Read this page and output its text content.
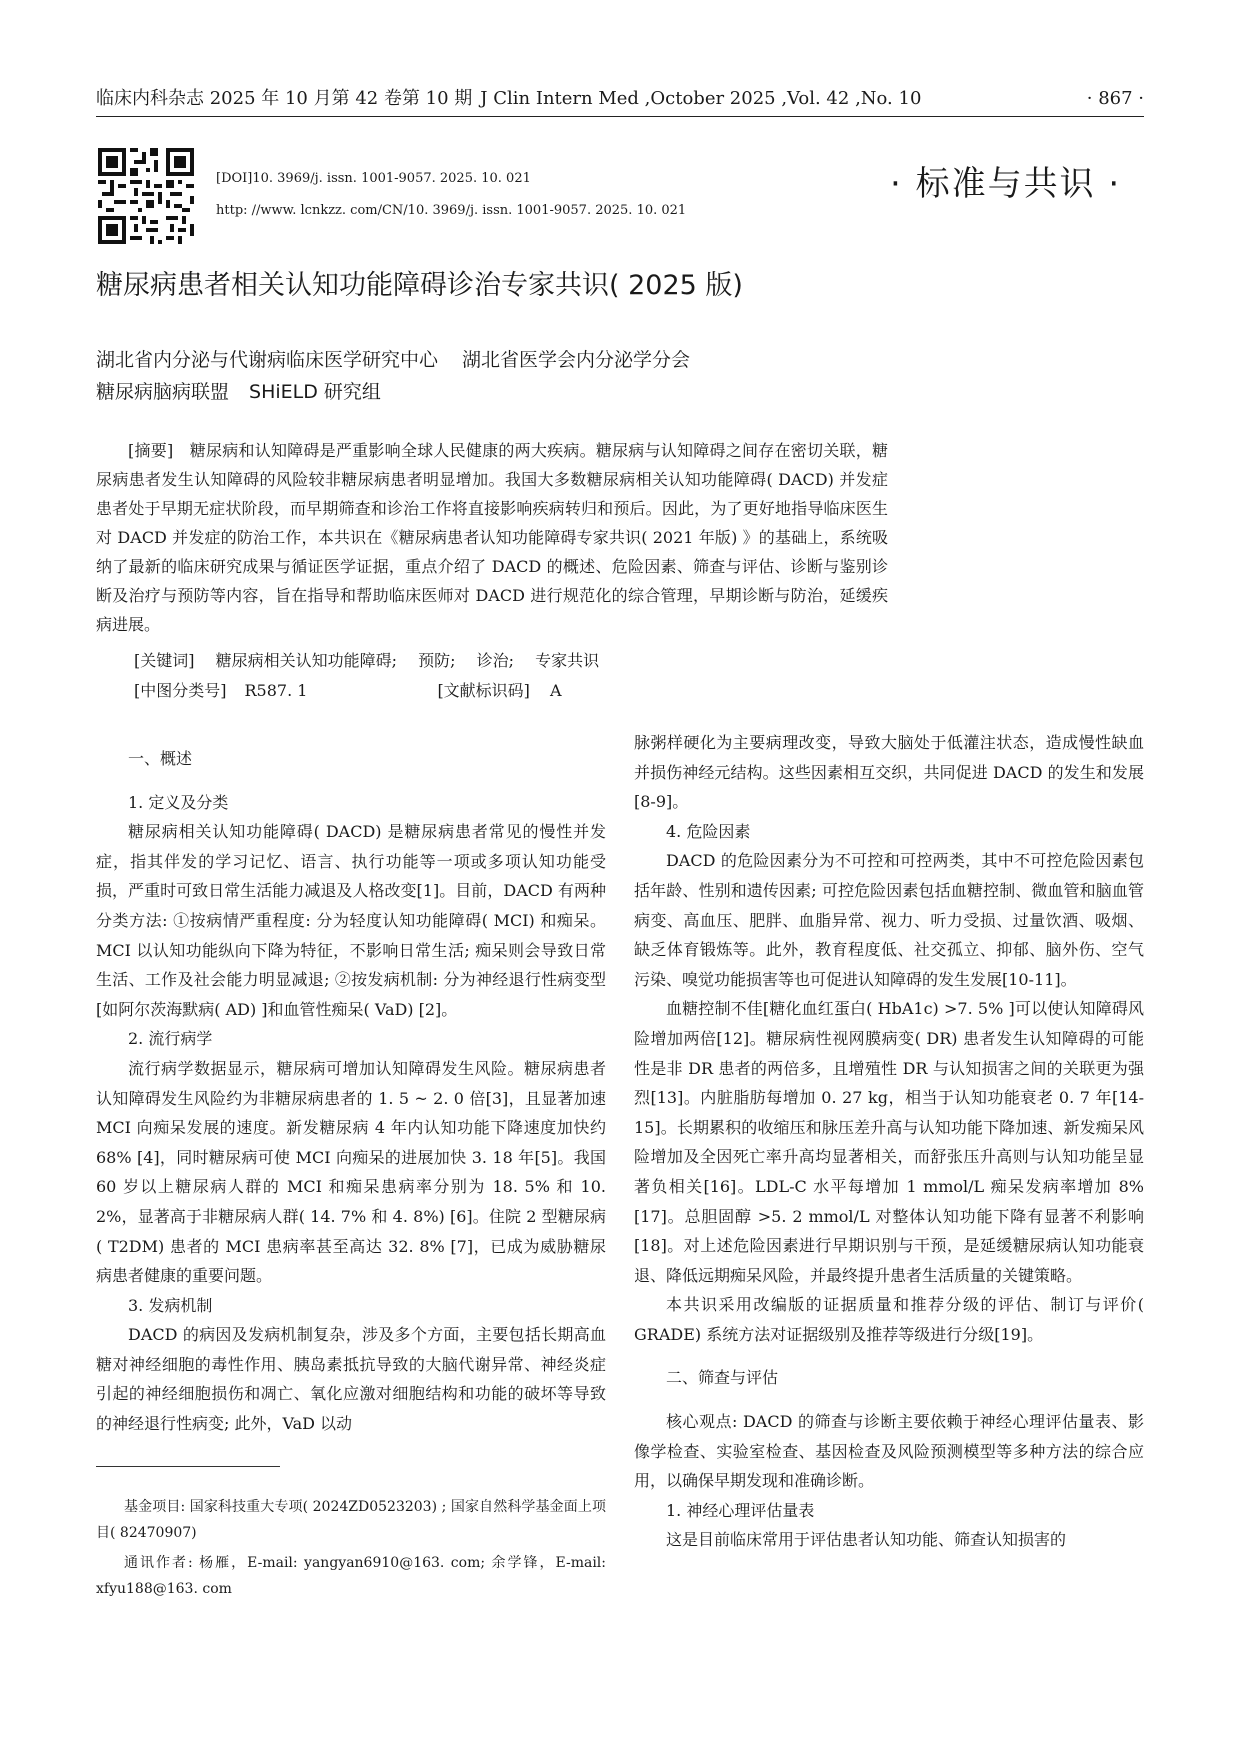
临床内科杂志 2025 年 10 月第 42 卷第 10 期 J Clin Intern Med ,October 2025 ,Vol. 42 ,No. 10	· 867 ·
[DOI]10. 3969/j. issn. 1001-9057. 2025. 10. 021
http: //www. lcnkzz. com/CN/10. 3969/j. issn. 1001-9057. 2025. 10. 021
· 标准与共识 ·
糖尿病患者相关认知功能障碍诊治专家共识( 2025 版)
湖北省内分泌与代谢病临床医学研究中心 湖北省医学会内分泌学分会
糖尿病脑病联盟 SHiELD 研究组

[摘要]　 糖尿病和认知障碍是严重影响全球人民健康的两大疾病。糖尿病与认知障碍之间存在密切关联，糖尿病患者发生认知障碍的风险较非糖尿病患者明显增加。我国大多数糖尿病相关认知功能障碍( DACD) 并发症患者处于早期无症状阶段，而早期筛查和诊治工作将直接影响疾病转归和预后。因此，为了更好地指导临床医生对 DACD 并发症的防治工作，本共识在《糖尿病患者认知功能障碍专家共识( 2021 年版) 》的基础上，系统吸纳了最新的临床研究成果与循证医学证据，重点介绍了 DACD 的概述、危险因素、筛查与评估、诊断与鉴别诊断及治疗与预防等内容，旨在指导和帮助临床医师对 DACD 进行规范化的综合管理，早期诊断与防治，延缓疾病进展。

[关键词] 糖尿病相关认知功能障碍; 预防; 诊治; 专家共识
[中图分类号] R587. 1	[文献标识码] A
一、概述
1. 定义及分类

糖尿病相关认知功能障碍( DACD) 是糖尿病患者常见的慢性并发症，指其伴发的学习记忆、语言、执行功能等一项或多项认知功能受损，严重时可致日常生活能力减退及人格改变[1]。目前，DACD 有两种分类方法: ①按病情严重程度: 分为轻度认知功能障碍( MCI) 和痴呆。MCI 以认知功能纵向下降为特征，不影响日常生活; 痴呆则会导致日常生活、工作及社会能力明显减退; ②按发病机制: 分为神经退行性病变型[如阿尔茨海默病( AD) ]和血管性痴呆( VaD) [2]。

2. 流行病学

流行病学数据显示，糖尿病可增加认知障碍发生风险。糖尿病患者认知障碍发生风险约为非糖尿病患者的 1. 5 ~ 2. 0 倍[3]，且显著加速 MCI 向痴呆发展的速度。新发糖尿病 4 年内认知功能下降速度加快约 68% [4]，同时糖尿病可使 MCI 向痴呆的进展加快 3. 18 年[5]。我国 60 岁以上糖尿病人群的 MCI 和痴呆患病率分别为 18. 5% 和 10. 2%，显著高于非糖尿病人群( 14. 7% 和 4. 8%) [6]。住院 2 型糖尿病( T2DM) 患者的 MCI 患病率甚至高达 32. 8% [7]，已成为威胁糖尿病患者健康的重要问题。

3. 发病机制

DACD 的病因及发病机制复杂，涉及多个方面，主要包括长期高血糖对神经细胞的毒性作用、胰岛素抵抗导致的大脑代谢异常、神经炎症引起的神经细胞损伤和凋亡、氧化应激对细胞结构和功能的破坏等导致的神经退行性病变; 此外，VaD 以动

脉粥样硬化为主要病理改变，导致大脑处于低灌注状态，造成慢性缺血并损伤神经元结构。这些因素相互交织，共同促进 DACD 的发生和发展[8-9]。

4. 危险因素

DACD 的危险因素分为不可控和可控两类，其中不可控危险因素包括年龄、性别和遗传因素; 可控危险因素包括血糖控制、微血管和脑血管病变、高血压、肥胖、血脂异常、视力、听力受损、过量饮酒、吸烟、缺乏体育锻炼等。此外，教育程度低、社交孤立、抑郁、脑外伤、空气污染、嗅觉功能损害等也可促进认知障碍的发生发展[10-11]。

血糖控制不佳[糖化血红蛋白( HbA1c) >7. 5% ]可以使认知障碍风险增加两倍[12]。糖尿病性视网膜病变( DR) 患者发生认知障碍的可能性是非 DR 患者的两倍多，且增殖性 DR 与认知损害之间的关联更为强烈[13]。内脏脂肪每增加 0. 27 kg，相当于认知功能衰老 0. 7 年[14-15]。长期累积的收缩压和脉压差升高与认知功能下降加速、新发痴呆风险增加及全因死亡率升高均显著相关，而舒张压升高则与认知功能呈显著负相关[16]。LDL-C 水平每增加 1 mmol/L 痴呆发病率增加 8% [17]。总胆固醇 >5. 2 mmol/L 对整体认知功能下降有显著不利影响[18]。对上述危险因素进行早期识别与干预，是延缓糖尿病认知功能衰退、降低远期痴呆风险，并最终提升患者生活质量的关键策略。

本共识采用改编版的证据质量和推荐分级的评估、制订与评价( GRADE) 系统方法对证据级别及推荐等级进行分级[19]。

二、筛查与评估

核心观点: DACD 的筛查与诊断主要依赖于神经心理评估量表、影像学检查、实验室检查、基因检查及风险预测模型等多种方法的综合应用，以确保早期发现和准确诊断。

1. 神经心理评估量表

这是目前临床常用于评估患者认知功能、筛查认知损害的

基金项目: 国家科技重大专项( 2024ZD0523203) ; 国家自然科学基金面上项目( 82470907)

通讯作者: 杨雁，E-mail: yangyan6910@163. com; 余学锋，E-mail: xfyu188@163. com
